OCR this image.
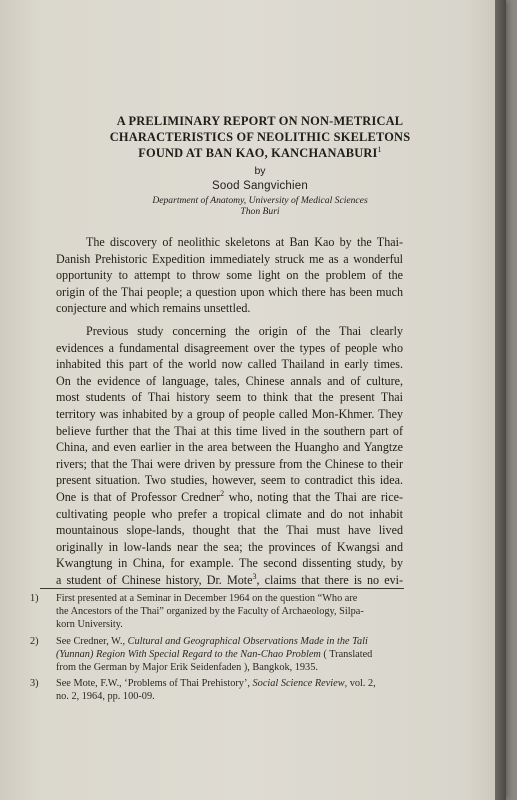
A PRELIMINARY REPORT ON NON-METRICAL
CHARACTERISTICS OF NEOLITHIC SKELETONS
FOUND AT BAN KAO, KANCHANABURI$^1$
by
Sood Sangvichien
Department of Anatomy, University of Medical Sciences
Thon Buri

The discovery of neolithic skeletons at Ban Kao by the Thai-
Danish Prehistoric Expedition immediately struck me as a wonderful
opportunity to attempt to throw some light on the problem of the
origin of the Thai people; a question upon which there has been much
conjecture and which remains unsettled.

Previous study concerning the origin of the Thai clearly
evidences a fundamental disagreement over the types of people who
inhabited this part of the world now called Thailand in early times.
On the evidence of language, tales, Chinese annals and of culture,
most students of Thai history seem to think that the present Thai
territory was inhabited by a group of people called Mon-Khmer. They
believe further that the Thai at this time lived in the southern part of
China, and even earlier in the area between the Huangho and Yangtze
rivers; that the Thai were driven by pressure from the Chinese to their
present situation. Two studies, however, seem to contradict this idea.
One is that of Professor Credner$^2$ who, noting that the Thai are rice-
cultivating people who prefer a tropical climate and do not inhabit
mountainous slope-lands, thought that the Thai must have lived
originally in low-lands near the sea; the provinces of Kwangsi and
Kwangtung in China, for example. The second dissenting study, by
a student of Chinese history, Dr. Mote$^3$, claims that there is no evi-

1) First presented at a Seminar in December 1964 on the question “Who are
the Ancestors of the Thai” organized by the Faculty of Archaeology, Silpa-
korn University.
2) See Credner, W., Cultural and Geographical Observations Made in the Tali
(Yunnan) Region With Special Regard to the Nan-Chao Problem ( Translated
from the German by Major Erik Seidenfaden ), Bangkok, 1935.
3) See Mote, F.W., ‘Problems of Thai Prehistory’, Social Science Review, vol. 2,
no. 2, 1964, pp. 100-09.
